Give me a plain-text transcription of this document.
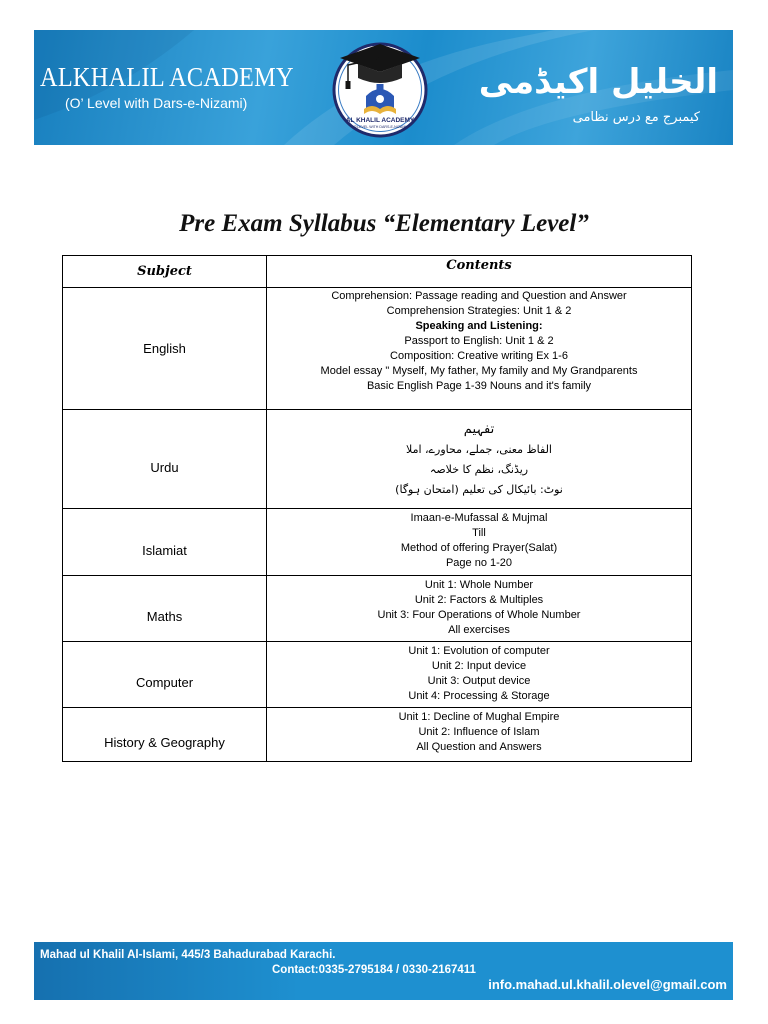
ALKHALIL ACADEMY
(O’ Level with Dars-e-Nizami)
الخلیل اکیڈمی
کیمبرج مع درس نظامی
AL KHALIL ACADEMY
O'LEVEL WITH DARS-E-NIZAMI
Pre Exam Syllabus “Elementary Level”
Subject	Contents
English
Comprehension: Passage reading and Question and Answer
Comprehension Strategies: Unit 1 & 2
Speaking and Listening:
Passport to English: Unit 1 & 2
Composition: Creative writing Ex 1-6
Model essay " Myself, My father, My family and My Grandparents
Basic English Page 1-39 Nouns and it's family
Urdu
تفہیم
الفاظ معنی، جملے، محاورے، املا
ریڈنگ، نظم کا خلاصہ
نوٹ: بائیکال کی تعلیم (امتحان ہوگا)
Islamiat
Imaan-e-Mufassal & Mujmal
Till
Method of offering Prayer(Salat)
Page no 1-20
Maths
Unit 1: Whole Number
Unit 2: Factors & Multiples
Unit 3: Four Operations of Whole Number
All exercises
Computer
Unit 1: Evolution of computer
Unit 2: Input device
Unit 3: Output device
Unit 4: Processing & Storage
History & Geography
Unit 1: Decline of Mughal Empire
Unit 2: Influence of Islam
All Question and Answers
Mahad ul Khalil Al-Islami, 445/3 Bahadurabad Karachi.
Contact:0335-2795184 / 0330-2167411
info.mahad.ul.khalil.olevel@gmail.com
